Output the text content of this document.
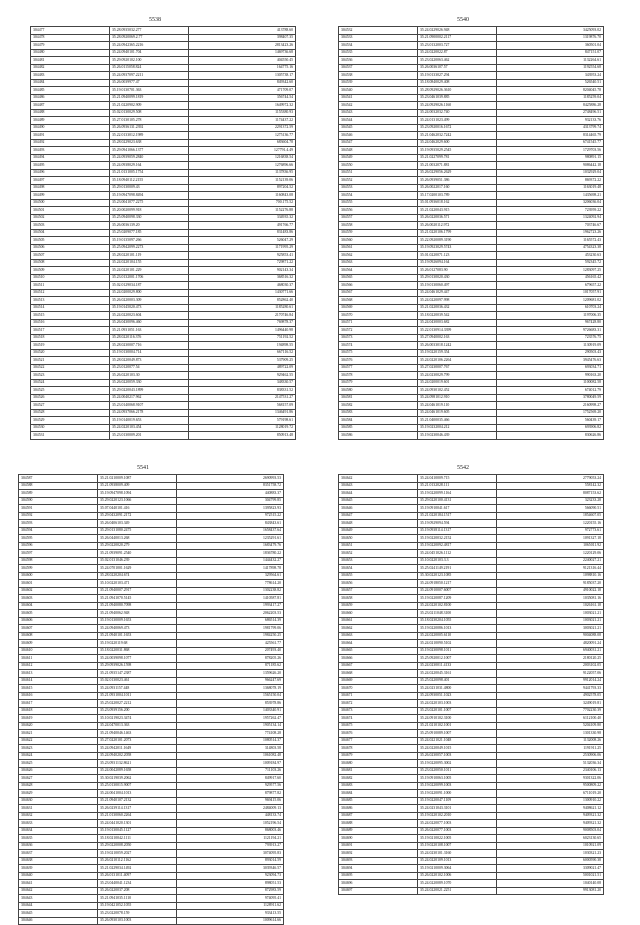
5538
304477	35.28.0935032.277	413788.60
304478	35.28.0920069.2.77	398407.35
304479	35.24.0942365.2216	2813423.26
304480	35.24.0940101.704	1469736.68
304481	35.29.0920102.100	404550.45
304482	35.26.0115058.824	164775.16
304483	35.24.0937097.2211	1305738.17
304484	35.26.0039977.47	849342.60
304485	35.19.0130701.363	471709.07
304486	35.21.0940099.1819	356744.54
304487	35.21.0220902.909	1649972.32
304488	35.02.0130029.508	1155380.93
304489	35.27.0130105.278	1174437.22
304490	35.26.0936131.2392	2291372.59
304491	35.22.0133012.1989	1275136.77
304492	35.28.0229023.638	683604.78
304493	35.29.0941066.1377	127791.4.49
304494	35.24.0939059.2840	1216838.54
304495	35.24.0938029.164	1276896.66
304496	35.21.0131005.1754	1137836.95
304497	35.18.0940112.2155	1152139.06
304498	35.29.0130009.43	897204.52
304499	35.19.0947098.8494	1160843.08
304500	35.23.0041077.2275	700.175.52
304501	35.20.0020099.918	1152276.88
304502	35.25.0940098.330	334935.32
304503	35.26.0036139.20	491766.77
304504	35.25.0209077.185	831483.86
304505	35.19.0135097.266	526047.29
304506	35.25.0942099.2273	1171995.29
304507	35.28.0220101.119	925853.41
304508	35.24.0220104.155	729871.22
304509	35.24.0220101.229	902143.34
304510	35.23.0132001.1706	368516.32
304511	35.02.0129034.187	468030.37
304512	35.24.0200029.800	1430771.66
304513	35.26.0220003.309	852862.40
304514	35.19.0145020.473	1185280.61
304515	35.24.0220023.604	2170746.84
304516	35.26.0430096.460	769878.37
304517	35.21.0931051.163	1496440.98
304518	35.28.0220116.376	751192.52
304519	35.28.0230007.716	194898.55
304520	35.19.0130004.714	667116.52
304521	35.28.0220049.873	537909.25
304522	35.23.0120077.54	489722.09
304523	35.26.0220103.30	929462.55
304524	35.26.0220059.330	348330.57
304525	35.29.0220043.1899	838331.52
304526	35.24.0040217.962	2147531.27
304527	35.23.0140068.9107	568157.09
304528	35.24.0937066.2178	1346491.86
304529	35.19.0140019.653	579198.61
304530	35.24.0220103.454	1128019.72
304531	35.23.0130009.201	850913.48
5540
304532	35.24.0229026.948	3425093.02
304533	35.21.0900002.2117	1319876.70
304534	35.23.0132003.727	360501.04
304535	35.24.0220022.87	847151.07
304536	35.23.0220063.462	1132264.61
304537	35.26.0036107.57	1192554.68
304538	35.19.0133027.294	343953.24
304539	35.18.0840029.408	526540.51
304540	35.28.0929026.3610	8204045.78
304541	35.23.0461039.885	1185259.04
304542	35.24.0929026.1160	8425886.28
304543	35.24.0032032.740	2748496.51
304544	35.24.0131023.499	932133.76
304545	35.23.0920016.1672	4313799.74
304546	35.21.0462032.7242	8314465.79
304547	35.24.0462029.600	6741545.77
304548	35.19.0935029.2545	1729703.56
304549	35.21.0227099.781	980891.15
304550	35.21.0032071.881	9086442.18
304551	35.26.0229056.2629	1032929.04
304552	35.26.0939051.386	869372.22
304553	35.26.0022017.160	1163019.48
304554	35.17.0200103.789	1435698.21
304555	35.01.0936018.162	3206036.04
304556	35.21.0220043.915	723959.22
304557	35.26.0220036.571	1324092.94
304558	35.26.0020112.972	703746.67
304559	35.21.0220106.1799	1962723.26
304560	35.22.0920089.3190	1165572.43
304561	35.19.0923029.5743	4754323.38
304562	35.01.0220071.123	453230.63
304563	35.19.0926094.164	592345.72
304564	35.26.0127083.90	1283097.25
304565	35.29.0130020.430	456165.42
304566	35.19.0130060.497	679657.22
304567	35.24.0461029.447	1017057.91
304568	35.24.0220097.998	1209681.02
304569	35.21.0220036.432	610703.24
304570	35.18.0220039.542	1197006.35
304571	35.24.0430003.682	967428.80
304572	35.22.0130914.3399	9726683.31
304573	35.27.0940002.163	723576.75
304574	35.26.0033018.1242	1130919.09
304575	35.19.0220159.354	290503.43
304576	35.24.0220106.2264	3945476.63
304577	35.27.0230007.767	693034.71
304578	35.24.0230029.799	990163.20
304579	35.24.0200019.601	1100082.58
304580	35.24.0930102.452	674012.79
304581	35.24.0981012.910	3780049.59
304582	35.24.0461019.110	2160998.27
304583	35.24.0461019.605	1752569.20
304584	35.21.0400035.466	560439.17
304585	35.19.0232004.212	693906.82
304586	35.19.0230046.439	830626.86
5541
304587	35.21.0210009.1087	2690993.53
304588	35.21.0938009.409	8351758.72
304589	35.19.0947098.1094	440883.37
304590	35.29.0220123.1066	304799.85
304591	35.07.0440101.416	1395823.93
304592	35.29.0432091.2172	972515.22
304593	35.26.0406103.349	843843.61
304594	35.29.0131080.2475	1658437.64
304595	35.26.0440013.268	1235291.61
304596	35.29.0220020.279	1683479.76
304597	35.21.0939091.2540	1836780.22
304598	35.02.0131046.239	1444432.27
304599	35.24.0701001.1629	1417898.78
304600	35.28.0220204.674	329564.61
304601	35.10.0220103.471	778614.20
304602	35.21.0940007.2917	1302238.82
304603	35.21.0941070.5145	1410587.81
304604	35.21.0940080.7098	1993417.27
304605	35.21.0940062.948	2062203.53
304606	35.19.0130009.1653	686514.39
304607	35.24.0940069.473	1981799.06
304608	35.21.0940101.1653	1984250.25
304609	35.19.0220119.68	425561.77
304610	35.18.0220031.868	207493.40
304611	35.24.0039098.1077	878205.26
304612	35.29.0939026.1598	871185.62
304613	35.21.0935147.2387	1359626.20
304614	35.02.0130023.461	966247.69
304615	35.24.0931157.448	1368078.19
304616	35.21.0931004.1011	1565150.04
304617	35.25.0220027.2212	853978.86
304618	35.23.0939156.200	1403340.91
304619	35.10.0219023.3474	1957262.47
304620	35.24.0470013.363	1905134.14
304621	35.21.0940046.1463	774108.28
304622	35.27.0220101.2073	1080514.37
304623	35.24.0942011.1649	314803.58
304624	35.24.0940202.2058	1061082.48
304625	35.23.0931132.8621	1009184.97
304626	35.24.0042089.1658	711103.26
304627	35.30.0219039.2062	849917.60
304628	35.25.0130015.9007	929577.56
304629	35.24.0041004.1013	879877.82
304630	35.21.0940107.2132	969415.06
304631	35.26.0239114.1317	2484009.13
304632	35.21.0130060.2264	448133.74
304633	35.24.0441020.1301	1052196.54
304634	35.19.0130045.1127	868003.46
304635	35.18.0210042.1111	1121194.21
304636	35.29.0220008.2050	793913.27
304637	35.19.0210059.2027	3074095.83
304638	35.26.0210112.1162	893014.59
304639	35.21.0229034.1492	3039346.57
304640	35.26.0131011.4097	923094.73
304641	35.23.0440041.1234	898051.53
304642	35.26.0220037.208	872983.59
304643	35.21.0941035.1110	974095.41
304644	35.19.0421052.1055	1128911.62
304645	35.23.0220078.159	933413.55
304646	35.26.0930103.1003	1009614.66
5542
304642	35.24.0410009.715	2779053.24
304643	35.21.0132028.111	558142.32
304644	35.19.0220099.1164	8087153.62
304645	35.29.0220100.4131	323233.28
304646	35.19.0910041.617	566090.51
304647	35.21.0220184.1517	1854607.05
304648	35.19.0929094.594	1220155.16
304649	35.19.0938114.1317	972773.61
304650	35.19.0220032.2152	1091327.18
304651	35.19.0220092.4817	1065011.92
304652	35.24.0451026.1112	1220129.06
304653	35.10.0220103.3.3	2240027.21
304654	35.25.0241149.2191	9121316.44
304655	35.30.0220123.1085	1098810.16
304656	35.24.0918050.1217	9185037.20
304657	35.24.0910007.6007	4910022.18
304658	35.19.0220087.1209	1035081.16
304659	35.24.0220102.8100	1026161.18
304660	35.23.0211048.3100	1003021.21
304661	35.18.0230204.1055	1003021.21
304662	35.19.0220086.1013	3003021.21
304663	35.24.0220005.6110	9004088.08
304664	35.24.0210090.5102	4820091.24
304665	35.19.0230098.1011	6940031.21
304666	35.25.0920012.1007	2180120.25
304667	35.24.0230011.4133	2003102.05
304668	35.24.0220045.3161	9122057.06
304669	35.25.0220098.401	9912014.24
304670	35.24.0231031.4800	9441793.33
304671	35.24.0930051.1023	4902578.05
304672	35.24.0220103.1003	3249019.81
304673	35.23.0220101.1007	7702230.39
304674	35.24.0910102.3100	6112100.40
304675	35.21.0210102.1001	5204109.80
304676	35.25.0910089.1007	1301330.98
304677	35.24.0221021.1048	1132008.26
304678	35.24.0220049.1015	1191911.25
304679	35.26.0230057.1003	2530906.06
304680	35.19.0220095.3002	5132036.34
304681	35.23.0220050.1011	2340106.13
304682	35.19.0910063.1005	9301322.06
304683	35.19.0220099.1003	9500809.22
304684	35.19.0220091.1000	6711019.20
304685	35.19.0220047.1109	1300910.22
304686	35.24.0231043.3101	9408621.12
304687	35.19.0220102.2010	9409321.32
304688	35.24.0220077.1003	9409321.32
304689	35.26.0220077.1003	9008503.04
304690	35.19.0210022.1005	6023130.65
304691	35.19.0220108.1007	1010921.09
304692	35.24.0230101.3160	1030321.23
304693	35.24.0220109.1013	6000590.38
304694	35.19.0210009.3064	3309021.47
304695	35.26.0220102.1006	5001021.51
304696	35.24.0220089.1070	1040140.08
304697	35.24.0220021.2251	9913081.20
